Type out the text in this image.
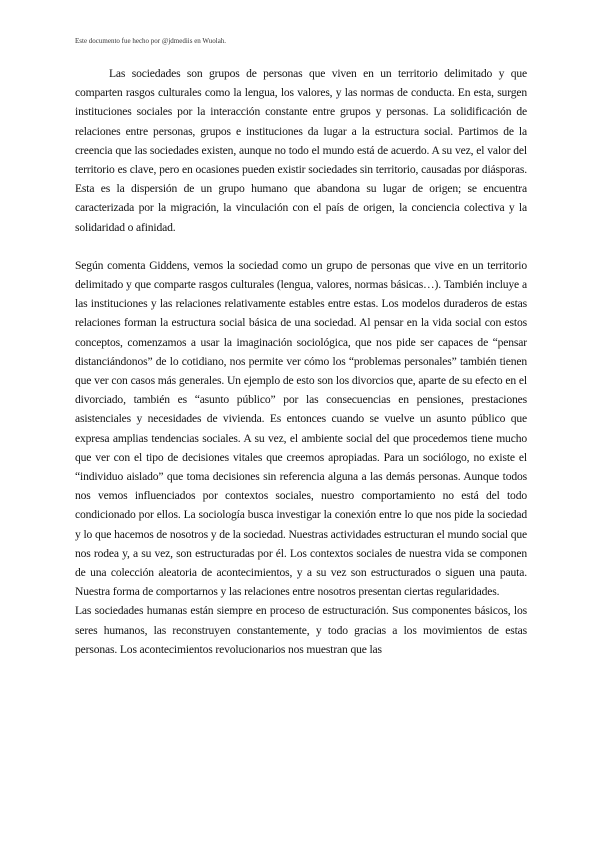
Este documento fue hecho por @jdmediis en Wuolah.

Las sociedades son grupos de personas que viven en un territorio delimitado y que comparten rasgos culturales como la lengua, los valores, y las normas de conducta. En esta, surgen instituciones sociales por la interacción constante entre grupos y personas. La solidificación de relaciones entre personas, grupos e instituciones da lugar a la estructura social. Partimos de la creencia que las sociedades existen, aunque no todo el mundo está de acuerdo. A su vez, el valor del territorio es clave, pero en ocasiones pueden existir sociedades sin territorio, causadas por diásporas. Esta es la dispersión de un grupo humano que abandona su lugar de origen; se encuentra caracterizada por la migración, la vinculación con el país de origen, la conciencia colectiva y la solidaridad o afinidad.

Según comenta Giddens, vemos la sociedad como un grupo de personas que vive en un territorio delimitado y que comparte rasgos culturales (lengua, valores, normas básicas…). También incluye a las instituciones y las relaciones relativamente estables entre estas. Los modelos duraderos de estas relaciones forman la estructura social básica de una sociedad. Al pensar en la vida social con estos conceptos, comenzamos a usar la imaginación sociológica, que nos pide ser capaces de “pensar distanciándonos” de lo cotidiano, nos permite ver cómo los “problemas personales” también tienen que ver con casos más generales. Un ejemplo de esto son los divorcios que, aparte de su efecto en el divorciado, también es “asunto público” por las consecuencias en pensiones, prestaciones asistenciales y necesidades de vivienda. Es entonces cuando se vuelve un asunto público que expresa amplias tendencias sociales. A su vez, el ambiente social del que procedemos tiene mucho que ver con el tipo de decisiones vitales que creemos apropiadas. Para un sociólogo, no existe el “individuo aislado” que toma decisiones sin referencia alguna a las demás personas. Aunque todos nos vemos influenciados por contextos sociales, nuestro comportamiento no está del todo condicionado por ellos. La sociología busca investigar la conexión entre lo que nos pide la sociedad y lo que hacemos de nosotros y de la sociedad. Nuestras actividades estructuran el mundo social que nos rodea y, a su vez, son estructuradas por él. Los contextos sociales de nuestra vida se componen de una colección aleatoria de acontecimientos, y a su vez son estructurados o siguen una pauta. Nuestra forma de comportarnos y las relaciones entre nosotros presentan ciertas regularidades.

Las sociedades humanas están siempre en proceso de estructuración. Sus componentes básicos, los seres humanos, las reconstruyen constantemente, y todo gracias a los movimientos de estas personas. Los acontecimientos revolucionarios nos muestran que las
